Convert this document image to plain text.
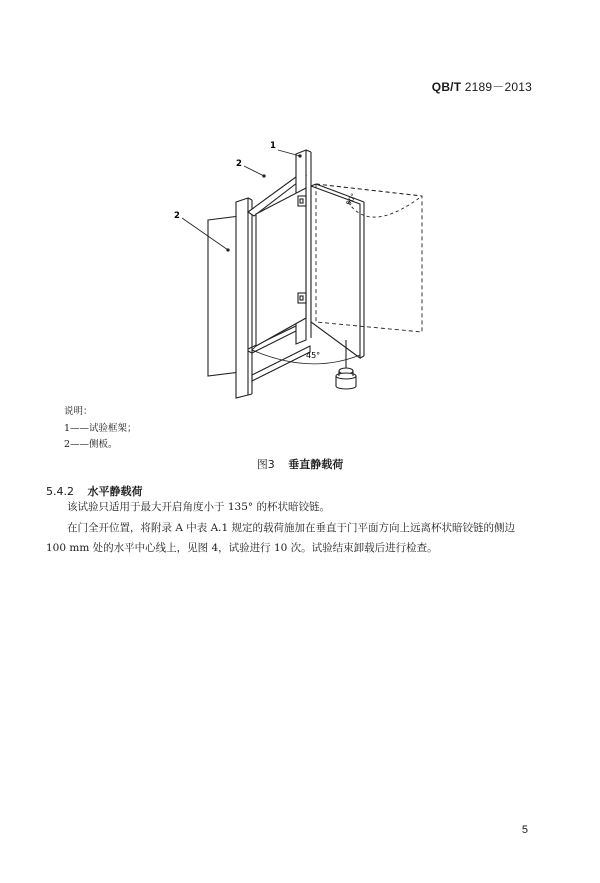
QB/T 2189－2013
1
2
2
45°
90°
说明：
1——试验框架；
2——侧板。
图3 垂直静载荷
5.4.2 水平静载荷

该试验只适用于最大开启角度小于 135° 的杯状暗铰链。

在门全开位置，将附录 A 中表 A.1 规定的载荷施加在垂直于门平面方向上远离杯状暗铰链的侧边

100 mm 处的水平中心线上，见图 4，试验进行 10 次。试验结束卸载后进行检查。

5
